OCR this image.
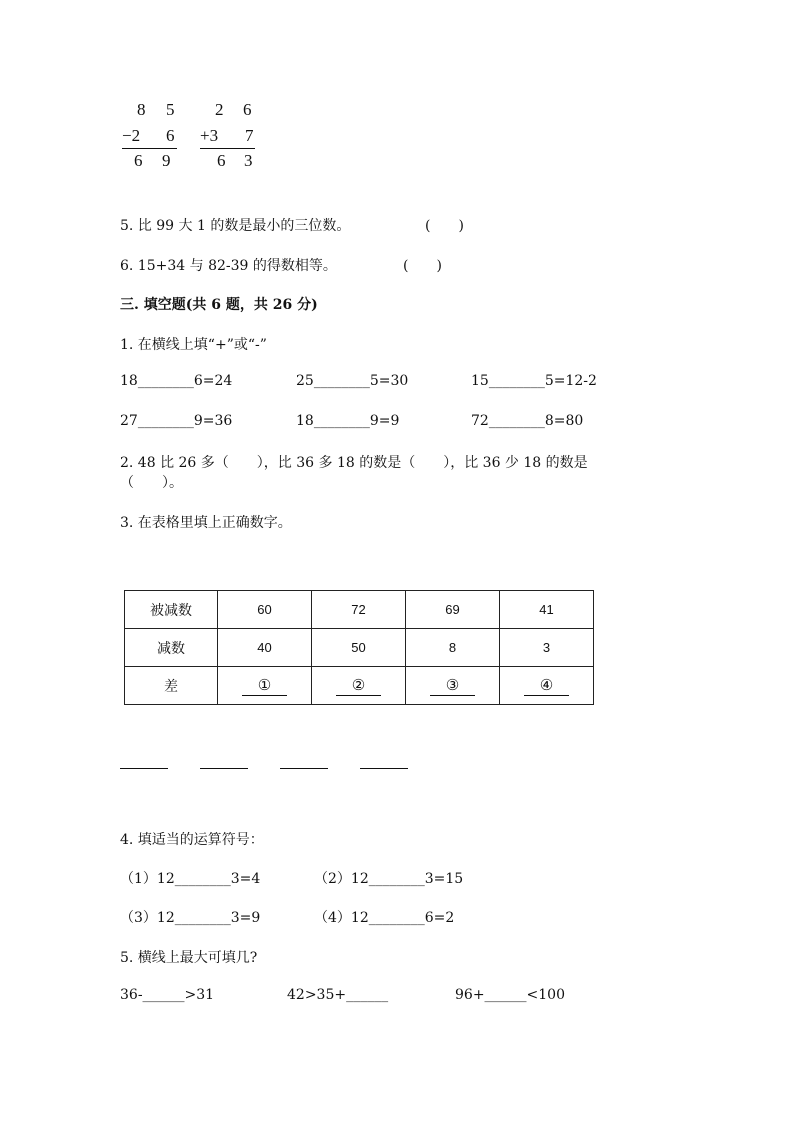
8 5
−2 6
6 9
2 6
+3 7
6 3
5. 比 99 大 1 的数是最小的三位数。	(　　)
6. 15+34 与 82-39 的得数相等。	(　　)
三. 填空题(共 6 题，共 26 分)
1. 在横线上填“+”或“-”
18________6=24	25________5=30	15________5=12-2
27________9=36	18________9=9	72________8=80
2. 48 比 26 多（　　），比 36 多 18 的数是（　　），比 36 少 18 的数是
（　　）。
3. 在表格里填上正确数字。
被减数	60	72	69	41
减数	40	50	8	3
差	①	②	③	④
4. 填适当的运算符号：
（1）12________3=4	（2）12________3=15
（3）12________3=9	（4）12________6=2
5. 横线上最大可填几?
36-______>31	42>35+______	96+______<100
